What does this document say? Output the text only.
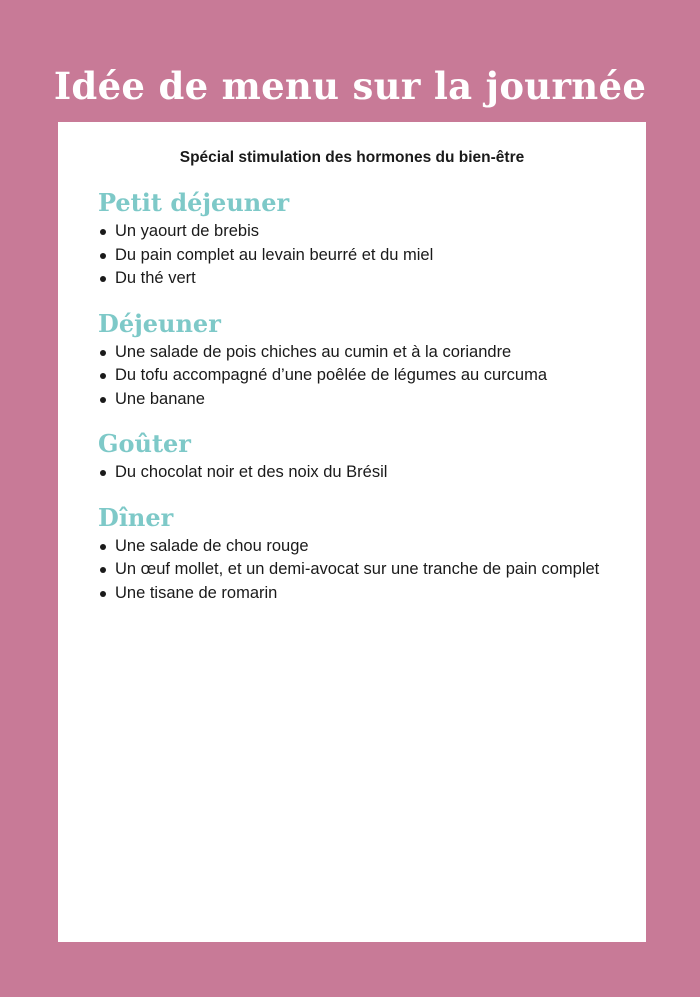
Idée de menu sur la journée
Spécial stimulation des hormones du bien-être
Petit déjeuner
Un yaourt de brebis
Du pain complet au levain beurré et du miel
Du thé vert
Déjeuner
Une salade de pois chiches au cumin et à la coriandre
Du tofu accompagné d’une poêlée de légumes au curcuma
Une banane
Goûter
Du chocolat noir et des noix du Brésil
Dîner
Une salade de chou rouge
Un œuf mollet, et un demi-avocat sur une tranche de pain complet
Une tisane de romarin
